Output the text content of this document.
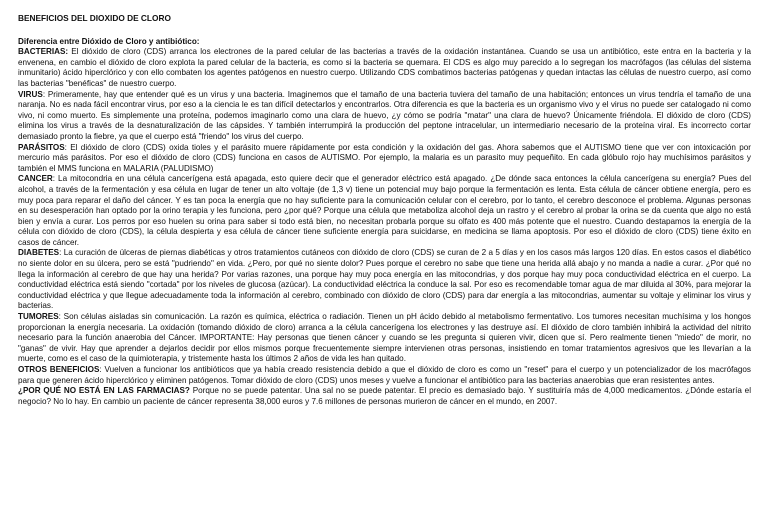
BENEFICIOS DEL DIOXIDO DE CLORO
Diferencia entre Dióxido de Cloro y antibiótico:

BACTERIAS: El dióxido de cloro (CDS) arranca los electrones de la pared celular de las bacterias a través de la oxidación instantánea. Cuando se usa un antibiótico, este entra en la bacteria y la envenena, en cambio el dióxido de cloro explota la pared celular de la bacteria, es como si la bacteria se quemara. El CDS es algo muy parecido a lo segregan los macrófagos (las células del sistema inmunitario) ácido hiperclórico y con ello combaten los agentes patógenos en nuestro cuerpo. Utilizando CDS combatimos bacterias patógenas y quedan intactas las células de nuestro cuerpo, así como las bacterias "benéficas" de nuestro cuerpo.

VIRUS: Primeramente, hay que entender qué es un virus y una bacteria. Imaginemos que el tamaño de una bacteria tuviera del tamaño de una habitación; entonces un virus tendría el tamaño de una naranja. No es nada fácil encontrar virus, por eso a la ciencia le es tan difícil detectarlos y encontrarlos. Otra diferencia es que la bacteria es un organismo vivo y el virus no puede ser catalogado ni como vivo, ni como muerto. Es simplemente una proteína, podemos imaginarlo como una clara de huevo, ¿y cómo se podría "matar" una clara de huevo? Únicamente friéndola. El dióxido de cloro (CDS) elimina los virus a través de la desnaturalización de las cápsides. Y también interrumpirá la producción del peptone intracelular, un intermediario necesario de la proteína viral. Es incorrecto cortar demasiado pronto la fiebre, ya que el cuerpo está "friendo" los virus del cuerpo.

PARÁSITOS: El dióxido de cloro (CDS) oxida tioles y el parásito muere rápidamente por esta condición y la oxidación del gas. Ahora sabemos que el AUTISMO tiene que ver con intoxicación por mercurio más parásitos. Por eso el dióxido de cloro (CDS) funciona en casos de AUTISMO. Por ejemplo, la malaria es un parasito muy pequeñito. En cada glóbulo rojo hay muchísimos parásitos y también el MMS funciona en MALARIA (PALUDISMO)

CANCER: La mitocondria en una célula cancerígena está apagada, esto quiere decir que el generador eléctrico está apagado. ¿De dónde saca entonces la célula cancerígena su energía? Pues del alcohol, a través de la fermentación y esa célula en lugar de tener un alto voltaje (de 1,3 v) tiene un potencial muy bajo porque la fermentación es lenta. Esta célula de cáncer obtiene energía, pero es muy poca para reparar el daño del cáncer. Y es tan poca la energía que no hay suficiente para la comunicación celular con el cerebro, por lo tanto, el cerebro desconoce el problema. Algunas personas en su desesperación han optado por la orino terapia y les funciona, pero ¿por qué? Porque una célula que metaboliza alcohol deja un rastro y el cerebro al probar la orina se da cuenta que algo no está bien y envía a curar. Los perros por eso huelen su orina para saber si todo está bien, no necesitan probarla porque su olfato es 400 más potente que el nuestro. Cuando destapamos la energía de la célula con dióxido de cloro (CDS), la célula despierta y esa célula de cáncer tiene suficiente energía para suicidarse, en medicina se llama apoptosis. Por eso el dióxido de cloro (CDS) tiene éxito en casos de cáncer.

DIABETES: La curación de úlceras de piernas diabéticas y otros tratamientos cutáneos con dióxido de cloro (CDS) se curan de 2 a 5 días y en los casos más largos 120 días. En estos casos el diabético no siente dolor en su úlcera, pero se está "pudriendo" en vida. ¿Pero, por qué no siente dolor? Pues porque el cerebro no sabe que tiene una herida allá abajo y no manda a nadie a curar. ¿Por qué no llega la información al cerebro de que hay una herida? Por varias razones, una porque hay muy poca energía en las mitocondrias, y dos porque hay muy poca conductividad eléctrica en el cuerpo. La conductividad eléctrica está siendo "cortada" por los niveles de glucosa (azúcar). La conductividad eléctrica la conduce la sal. Por eso es recomendable tomar agua de mar diluida al 30%, para mejorar la conductividad eléctrica y que llegue adecuadamente toda la información al cerebro, combinado con dióxido de cloro (CDS) para dar energía a las mitocondrias, aumentar su voltaje y eliminar los virus y bacterias.

TUMORES: Son células aisladas sin comunicación. La razón es química, eléctrica o radiación. Tienen un pH ácido debido al metabolismo fermentativo. Los tumores necesitan muchísima y los hongos proporcionan la energía necesaria. La oxidación (tomando dióxido de cloro) arranca a la célula cancerígena los electrones y las destruye así. El dióxido de cloro también inhibirá la actividad del nitrito necesario para la función anaerobia del Cáncer. IMPORTANTE: Hay personas que tienen cáncer y cuando se les pregunta si quieren vivir, dicen que sí. Pero realmente tienen "miedo" de morir, no "ganas" de vivir. Hay que aprender a dejarlos decidir por ellos mismos porque frecuentemente siempre intervienen otras personas, insistiendo en tomar tratamientos agresivos que les llevarían a la muerte, como es el caso de la quimioterapia, y tristemente hasta los últimos 2 años de vida les han quitado.

OTROS BENEFICIOS: Vuelven a funcionar los antibióticos que ya había creado resistencia debido a que el dióxido de cloro es como un "reset" para el cuerpo y un potencializador de los macrófagos para que generen ácido hiperclórico y eliminen patógenos. Tomar dióxido de cloro (CDS) unos meses y vuelve a funcionar el antibiótico para las bacterias anaerobias que eran resistentes antes.

¿POR QUÉ NO ESTÁ EN LAS FARMACIAS? Porque no se puede patentar. Una sal no se puede patentar. El precio es demasiado bajo. Y sustituiría más de 4,000 medicamentos. ¿Dónde estaría el negocio? No lo hay. En cambio un paciente de cáncer representa 38,000 euros y 7.6 millones de personas murieron de cáncer en el mundo, en 2007.
